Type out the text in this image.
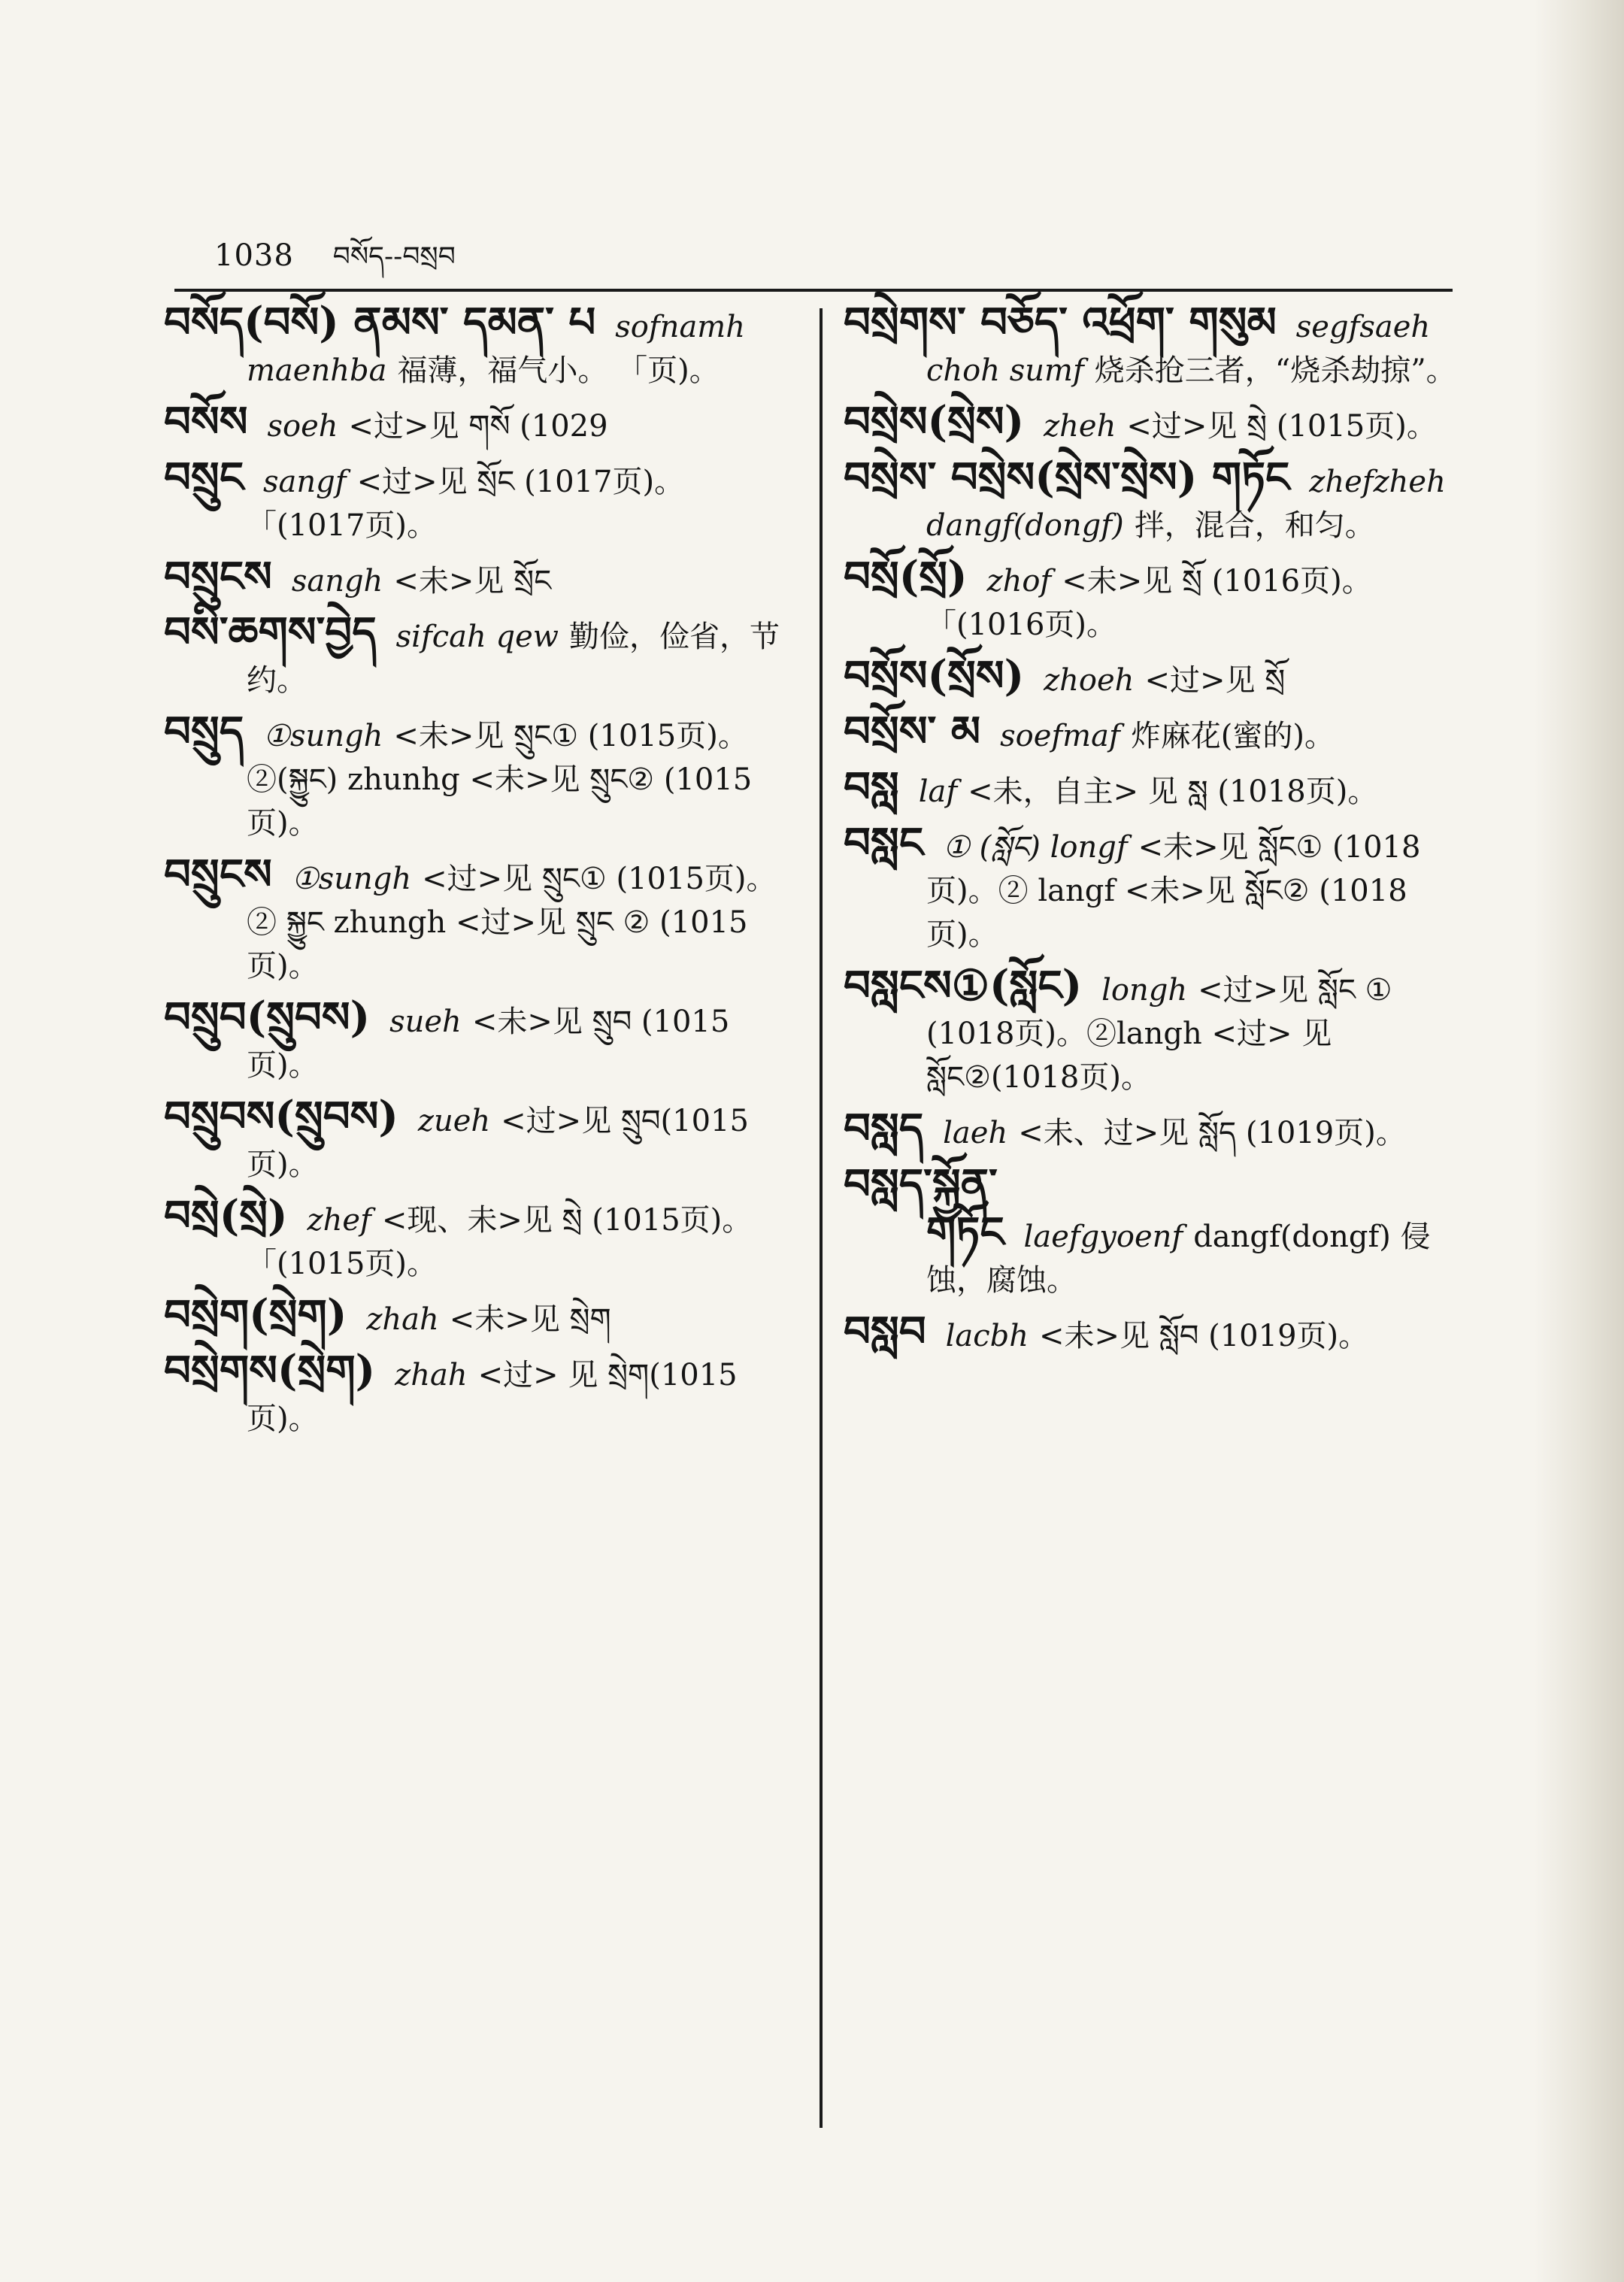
1038 བསོད--བསྲབ
བསོད(བསོ) ནམས་ དམན་ པ sofnamh maenhba 福薄，福气小。 「页)。
བསོས soeh <过>见 གསོ (1029
བསྲུང sangf <过>见 སྲོང (1017页)。 「(1017页)。
བསྲུངས sangh <未>见 སྲོང
བསི་ཆགས་བྱེད sifcah qew 勤俭，俭省，节约。
བསྲུད ①sungh <未>见 སྲུང① (1015页)。②(སྐྱུང) zhunhg <未>见 སྲུང② (1015页)。
བསྲུངས ①sungh <过>见 སྲུང① (1015页)。② སྐྱུང zhungh <过>见 སྲུང ② (1015页)。
བསྲུབ(སྲུབས) sueh <未>见 སྲུབ (1015页)。
བསྲུབས(སྲུབས) zueh <过>见 སྲུབ(1015页)。
བསྲེ(སྲེ) zhef <现、未>见 སྲེ (1015页)。 「(1015页)。
བསྲེག(སྲེག) zhah <未>见 སྲེག
བསྲེགས(སྲེག) zhah <过> 见 སྲེག(1015页)。
བསྲེགས་ བཅོད་ འཕྲོག་ གསུམ segfsaeh choh sumf 烧杀抢三者，“烧杀劫掠”。
བསྲེས(སྲེས) zheh <过>见 སྲེ (1015页)。
བསྲེས་ བསྲེས(སྲེས་སྲེས) གཏོང zhefzheh dangf(dongf) 拌，混合，和匀。
བསྲོ(སྲོ) zhof <未>见 སྲོ (1016页)。 「(1016页)。
བསྲོས(སྲོས) zhoeh <过>见 སྲོ
བསྲོས་ མ soefmaf 炸麻花(蜜的)。
བསླ laf <未，自主> 见 སླ (1018页)。
བསླང ① (སློང) longf <未>见 སློང① (1018页)。② langf <未>见 སློང② (1018页)。
བསླངས①(སློང) longh <过>见 སློང ① (1018页)。②langh <过> 见 སློང②(1018页)。
བསླད laeh <未、过>见 སློད (1019页)。
བསླད་སྐྱོན་གཏོང laefgyoenf dangf(dongf) 侵蚀，腐蚀。
བསླབ lacbh <未>见 སློབ (1019页)。
